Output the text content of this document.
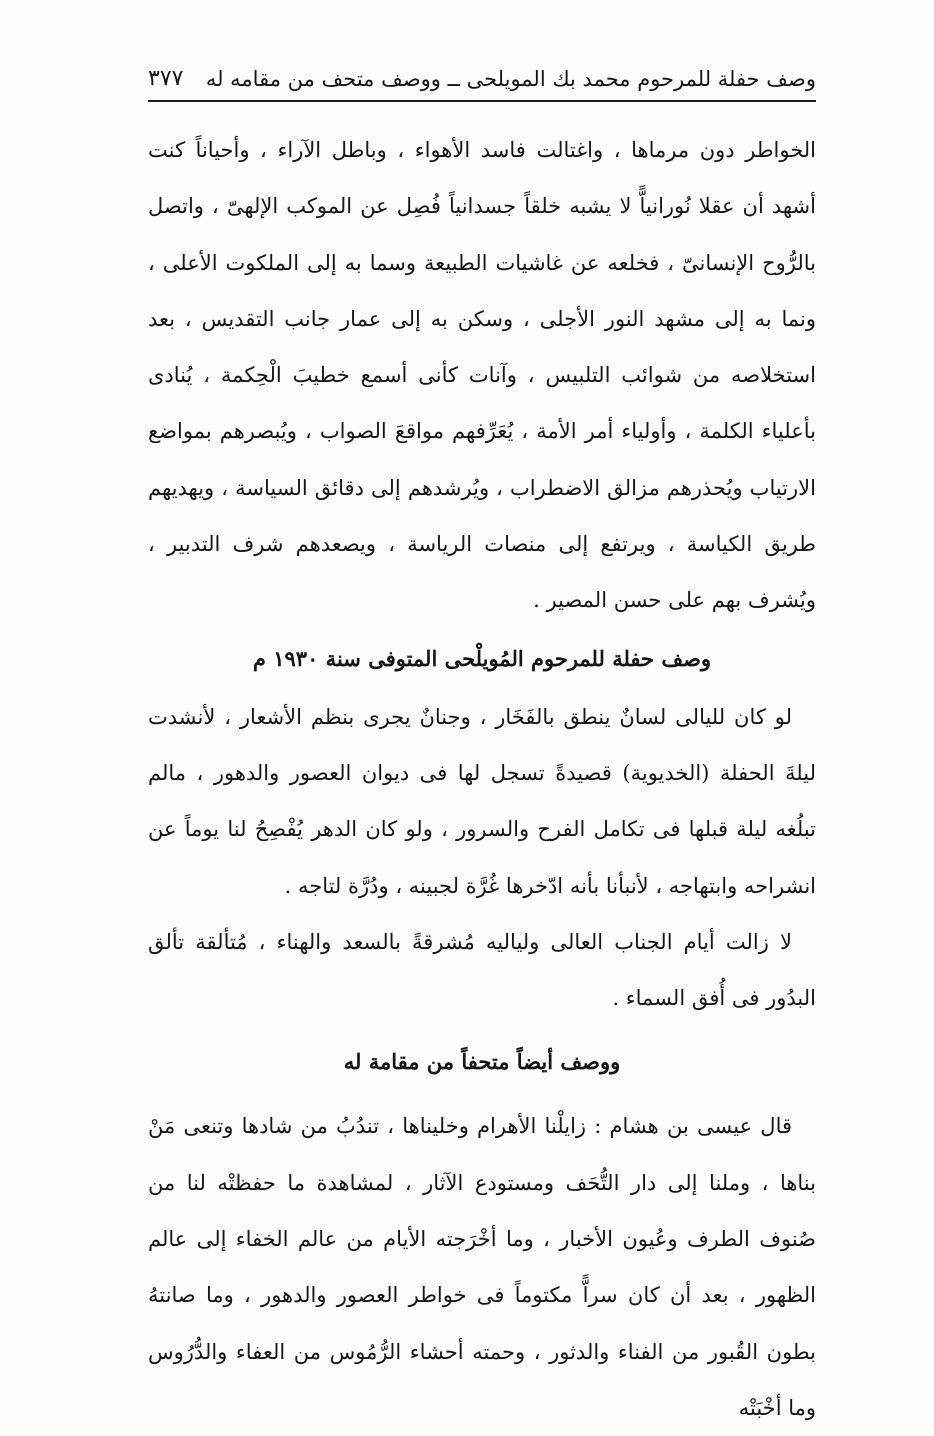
وصف حفلة للمرحوم محمد بك المويلحى ــ ووصف متحف من مقامه له
٣٧٧

الخواطر دون مرماها ، واغتالت فاسد الأهواء ، وباطل الآراء ، وأحياناً كنت أشهد أن عقلا نُورانياًّ لا يشبه خلقاً جسدانياً فُصِل عن الموكب الإلهىّ ، واتصل بالرُّوح الإنسانىّ ، فخلعه عن غاشيات الطبيعة وسما به إلى الملكوت الأعلى ، ونما به إلى مشهد النور الأجلى ، وسكن به إلى عمار جانب التقديس ، بعد استخلاصه من شوائب التلبيس ، وآنات كأنى أسمع خطيبَ الْحِكمة ، يُنادى بأعلياء الكلمة ، وأولياء أمر الأمة ، يُعَرِّفهم مواقعَ الصواب ، ويُبصرهم بمواضع الارتياب ويُحذرهم مزالق الاضطراب ، ويُرشدهم إلى دقائق السياسة ، ويهديهم طريق الكياسة ، ويرتفع إلى منصات الرياسة ، ويصعدهم شرف التدبير ، ويُشرف بهم على حسن المصير .

وصف حفلة للمرحوم المُويلْحى المتوفى سنة ١٩٣٠ م

لو كان لليالى لسانٌ ينطق بالفَخَار ، وجنانٌ يجرى بنظم الأشعار ، لأنشدت ليلةَ الحفلة (الخديوية) قصيدةً تسجل لها فى ديوان العصور والدهور ، مالم تبلُغه ليلة قبلها فى تكامل الفرح والسرور ، ولو كان الدهر يُفْصِحُ لنا يوماً عن انشراحه وابتهاجه ، لأنبأنا بأنه ادّخرها غُرَّة لجبينه ، ودُرَّة لتاجه .

لا زالت أيام الجناب العالى ولياليه مُشرقةً بالسعد والهناء ، مُتألقة تألق البدُور فى أُفق السماء .

ووصف أيضاً متحفاً من مقامة له

قال عيسى بن هشام : زايلْنا الأهرام وخليناها ، تندُبُ من شادها وتنعى مَنْ بناها ، وملنا إلى دار التُّحَف ومستودع الآثار ، لمشاهدة ما حفظتْه لنا من صُنوف الطرف وعُيون الأخبار ، وما أخْرَجته الأيام من عالم الخفاء إلى عالم الظهور ، بعد أن كان سراًّ مكتوماً فى خواطر العصور والدهور ، وما صانتهُ بطون القُبور من الفناء والدثور ، وحمته أحشاء الرُّمُوس من العفاء والدُّرُوس وما أخْبَتْه
